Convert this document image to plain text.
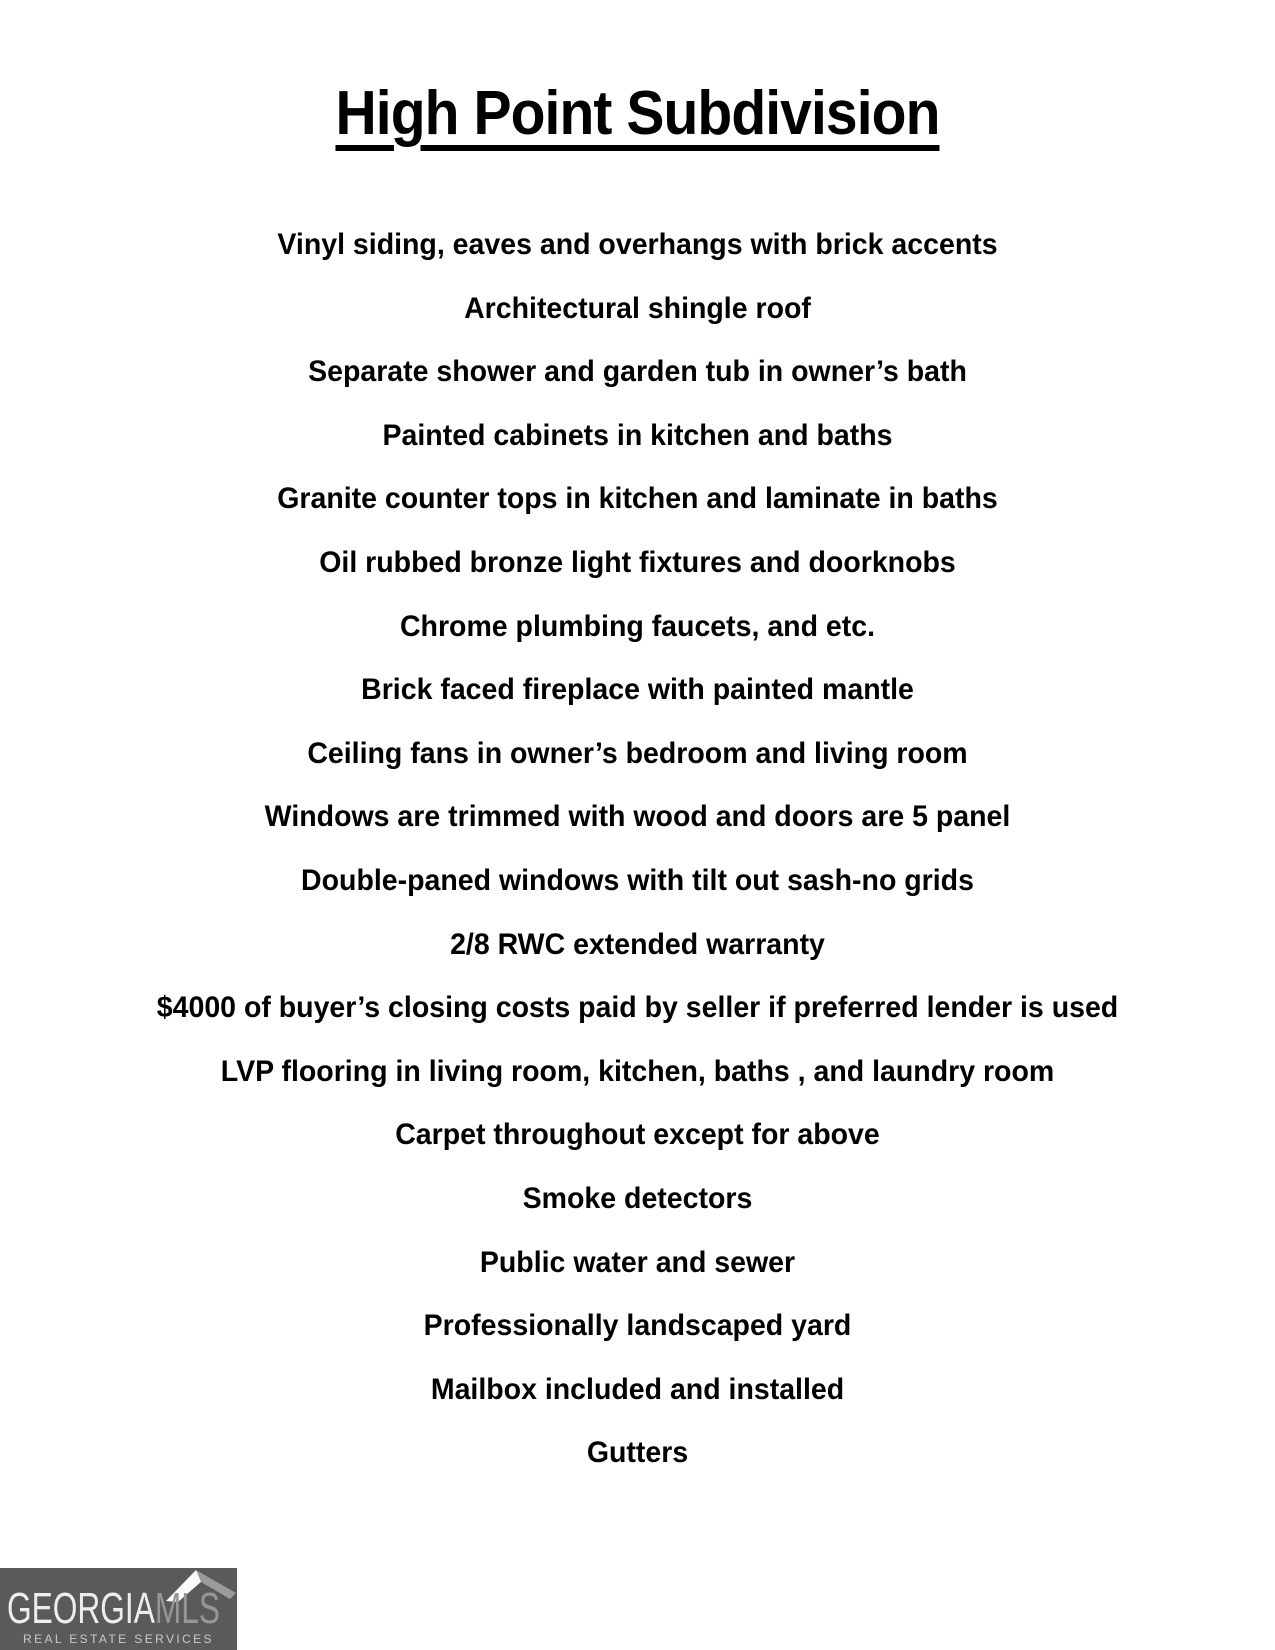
High Point Subdivision
Vinyl siding, eaves and overhangs with brick accents
Architectural shingle roof
Separate shower and garden tub in owner’s bath
Painted cabinets in kitchen and baths
Granite counter tops in kitchen and laminate in baths
Oil rubbed bronze light fixtures and doorknobs
Chrome plumbing faucets, and etc.
Brick faced fireplace with painted mantle
Ceiling fans in owner’s bedroom and living room
Windows are trimmed with wood and doors are 5 panel
Double-paned windows with tilt out sash-no grids
2/8 RWC extended warranty
$4000 of buyer’s closing costs paid by seller if preferred lender is used
LVP flooring in living room, kitchen, baths , and laundry room
Carpet throughout except for above
Smoke detectors
Public water and sewer
Professionally landscaped yard
Mailbox included and installed
Gutters
GEORGIAMLS
REAL ESTATE SERVICES
